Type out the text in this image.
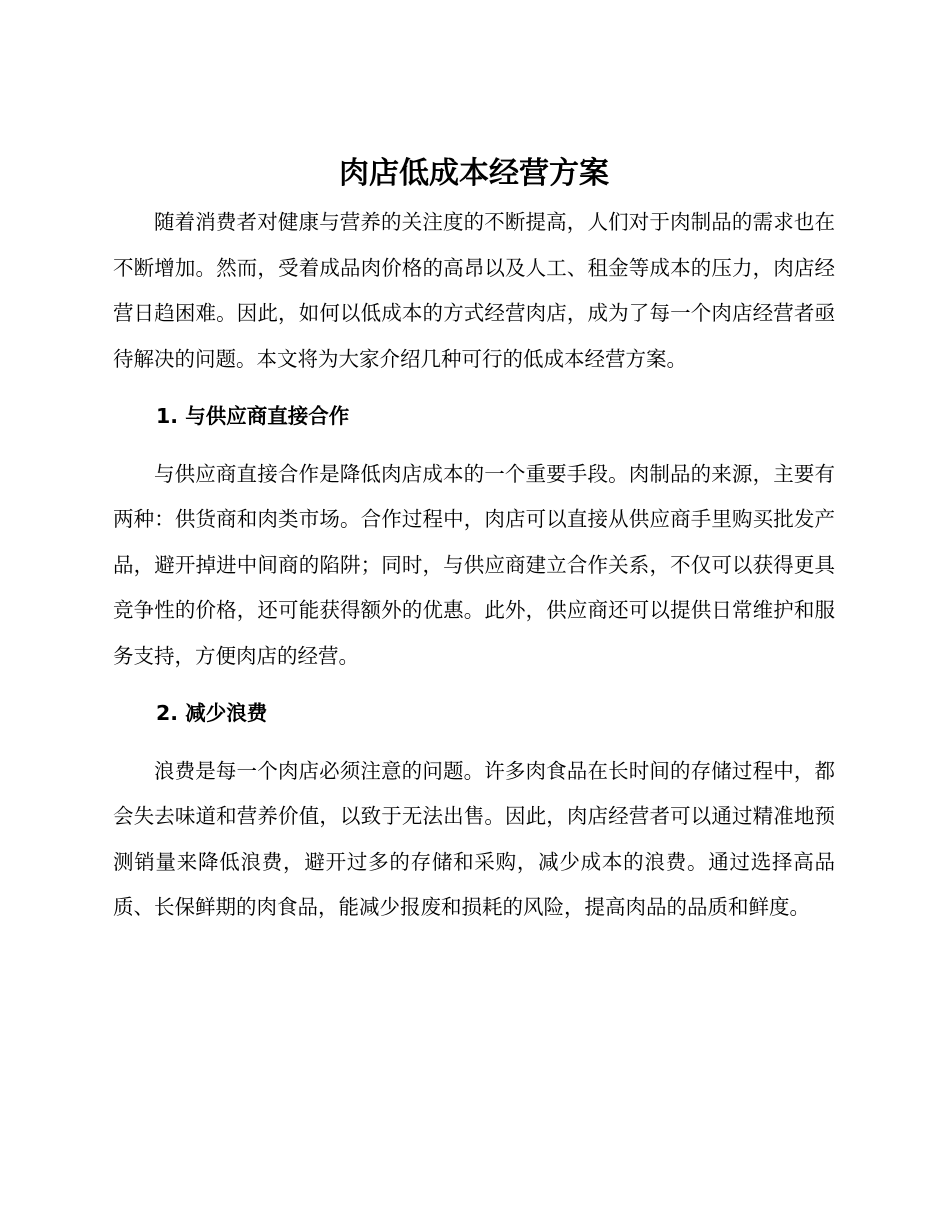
肉店低成本经营方案

随着消费者对健康与营养的关注度的不断提高，人们对于肉制品的需求也在不断增加。然而，受着成品肉价格的高昂以及人工、租金等成本的压力，肉店经营日趋困难。因此，如何以低成本的方式经营肉店，成为了每一个肉店经营者亟待解决的问题。本文将为大家介绍几种可行的低成本经营方案。

1. 与供应商直接合作

与供应商直接合作是降低肉店成本的一个重要手段。肉制品的来源，主要有两种：供货商和肉类市场。合作过程中，肉店可以直接从供应商手里购买批发产品，避开掉进中间商的陷阱；同时，与供应商建立合作关系，不仅可以获得更具竞争性的价格，还可能获得额外的优惠。此外，供应商还可以提供日常维护和服务支持，方便肉店的经营。

2. 减少浪费

浪费是每一个肉店必须注意的问题。许多肉食品在长时间的存储过程中，都会失去味道和营养价值，以致于无法出售。因此，肉店经营者可以通过精准地预测销量来降低浪费，避开过多的存储和采购，减少成本的浪费。通过选择高品质、长保鲜期的肉食品，能减少报废和损耗的风险，提高肉品的品质和鲜度。
